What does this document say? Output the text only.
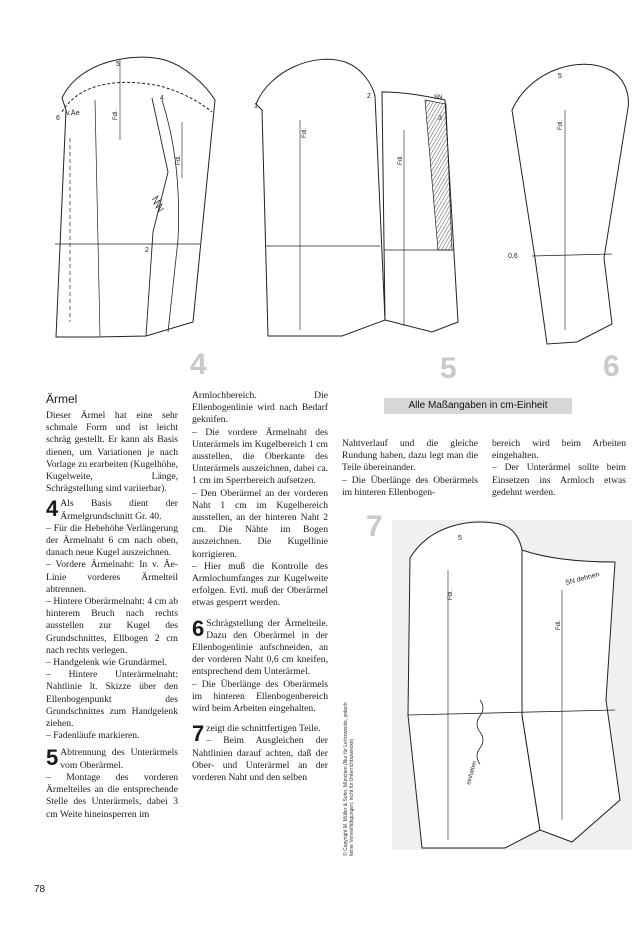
5
v.Äe
6
4
2
Fdl.
Fdl.
1
2	SN
3
Fdl.
Fdl.
5
Fdl.
0,6
5
Fdl.
Fdl.
SN dehnen
einhalten
4	5	6
7
Ärmel

Dieser Ärmel hat eine sehr schmale Form und ist leicht schräg gestellt. Er kann als Basis dienen, um Variationen je nach Vorlage zu erarbeiten (Kugelhöhe, Kugelweite, Länge, Schrägstellung sind variierbar).

4 Als Basis dient der Ärmelgrundschnitt Gr. 40.

– Für die Hebehöhe Verlängerung der Ärmelnaht 6 cm nach oben, danach neue Kugel auszeichnen.

– Vordere Ärmelnaht: In v. Äe-Linie vorderes Ärmelteil abtrennen.

– Hintere Oberärmelnaht: 4 cm ab hinterem Bruch nach rechts ausstellen zur Kugel des Grundschnittes, Ellbogen 2 cm nach rechts verlegen.

– Handgelenk wie Grundärmel.

– Hintere Unterärmelnaht: Nahtlinie lt. Skizze über den Ellenbogenpunkt des Grundschnittes zum Handgelenk ziehen.

– Fadenläufe markieren.

5 Abtrennung des Unterärmels vom Oberärmel.

– Montage des vorderen Ärmelteiles an die entsprechende Stelle des Unterärmels, dabei 3 cm Weite hineinsperren im

Armlochbereich. Die Ellenbogenlinie wird nach Bedarf geknifen.

– Die vordere Ärmelnaht des Unterärmels im Kugelbereich 1 cm ausstellen, die Oberkante des Unterärmels auszeichnen, dabei ca. 1 cm im Sperrbereich aufsetzen.

– Den Oberärmel an der vorderen Naht 1 cm im Kugelbereich ausstellen, an der hinteren Naht 2 cm. Die Nähte im Bogen auszeichnen. Die Kugellinie korrigieren.

– Hier muß die Kontrolle des Armlochumfanges zur Kugelweite erfolgen. Evtl. muß der Oberärmel etwas gesperrt werden.

6 Schrägstellung der Ärmelteile. Dazu den Oberärmel in der Ellenbogenlinie aufschneiden, an der vorderen Naht 0,6 cm kneifen, entsprechend dem Unterärmel.

– Die Überlänge des Oberärmels im hinteren Ellenbogenbereich wird beim Arbeiten eingehalten.

7 zeigt die schnittfertigen Teile.

– Beim Ausgleichen der Nahtlinien darauf achten, daß der Ober- und Unterärmel an der vorderen Naht und den selben

Alle Maßangaben in cm-Einheit

Nahtverlauf und die gleiche Rundung haben, dazu legt man die Teile übereinander.

– Die Überlänge des Oberärmels im hinteren Ellenbogen-

bereich wird beim Arbeiten eingehalten.

– Der Unterärmel sollte beim Einsetzen ins Armloch etwas gedehnt werden.

© Copyright M. Müller & Sohn, München (Nur für Lehrzwecke, jedoch keine Vervielfältigungen, nicht für Unterrichtszwecke)
78
